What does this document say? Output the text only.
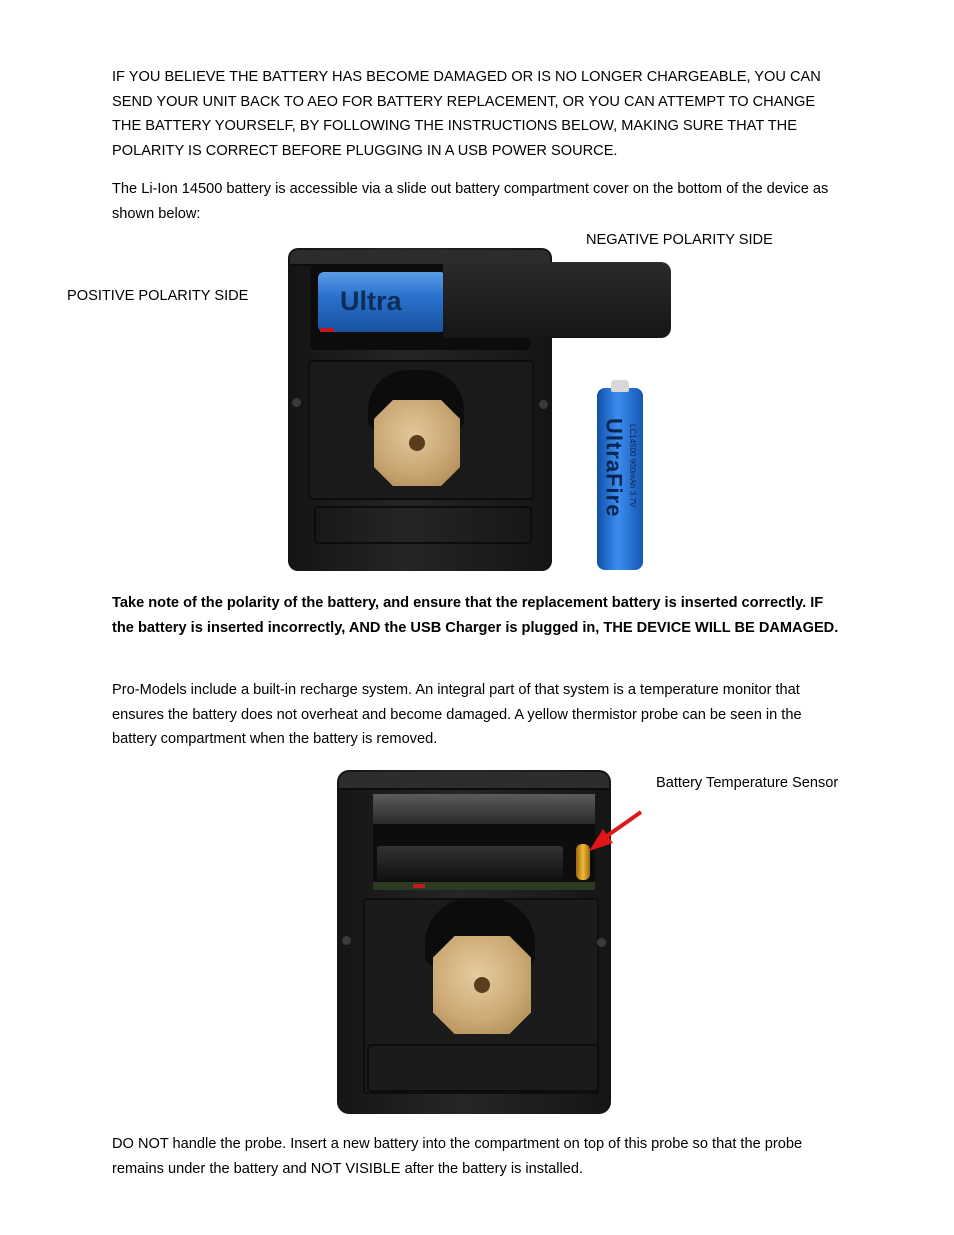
IF YOU BELIEVE THE BATTERY HAS BECOME DAMAGED OR IS NO LONGER CHARGEABLE, YOU CAN SEND YOUR UNIT BACK TO AEO FOR BATTERY REPLACEMENT, OR YOU CAN ATTEMPT TO CHANGE THE BATTERY YOURSELF, BY FOLLOWING THE INSTRUCTIONS BELOW, MAKING SURE THAT THE POLARITY IS CORRECT BEFORE PLUGGING IN A USB POWER SOURCE.

The Li-Ion 14500 battery is accessible via a slide out battery compartment cover on the bottom of the device as shown below:

NEGATIVE POLARITY SIDE
POSITIVE POLARITY SIDE	Ultra
UltraFire LC14500 900mAh 3.7V

Take note of the polarity of the battery, and ensure that the replacement battery is inserted correctly. IF the battery is inserted incorrectly, AND the USB Charger is plugged in, THE DEVICE WILL BE DAMAGED.

Pro-Models include a built-in recharge system. An integral part of that system is a temperature monitor that ensures the battery does not overheat and become damaged. A yellow thermistor probe can be seen in the battery compartment when the battery is removed.

Battery Temperature Sensor

DO NOT handle the probe. Insert a new battery into the compartment on top of this probe so that the probe remains under the battery and NOT VISIBLE after the battery is installed.
